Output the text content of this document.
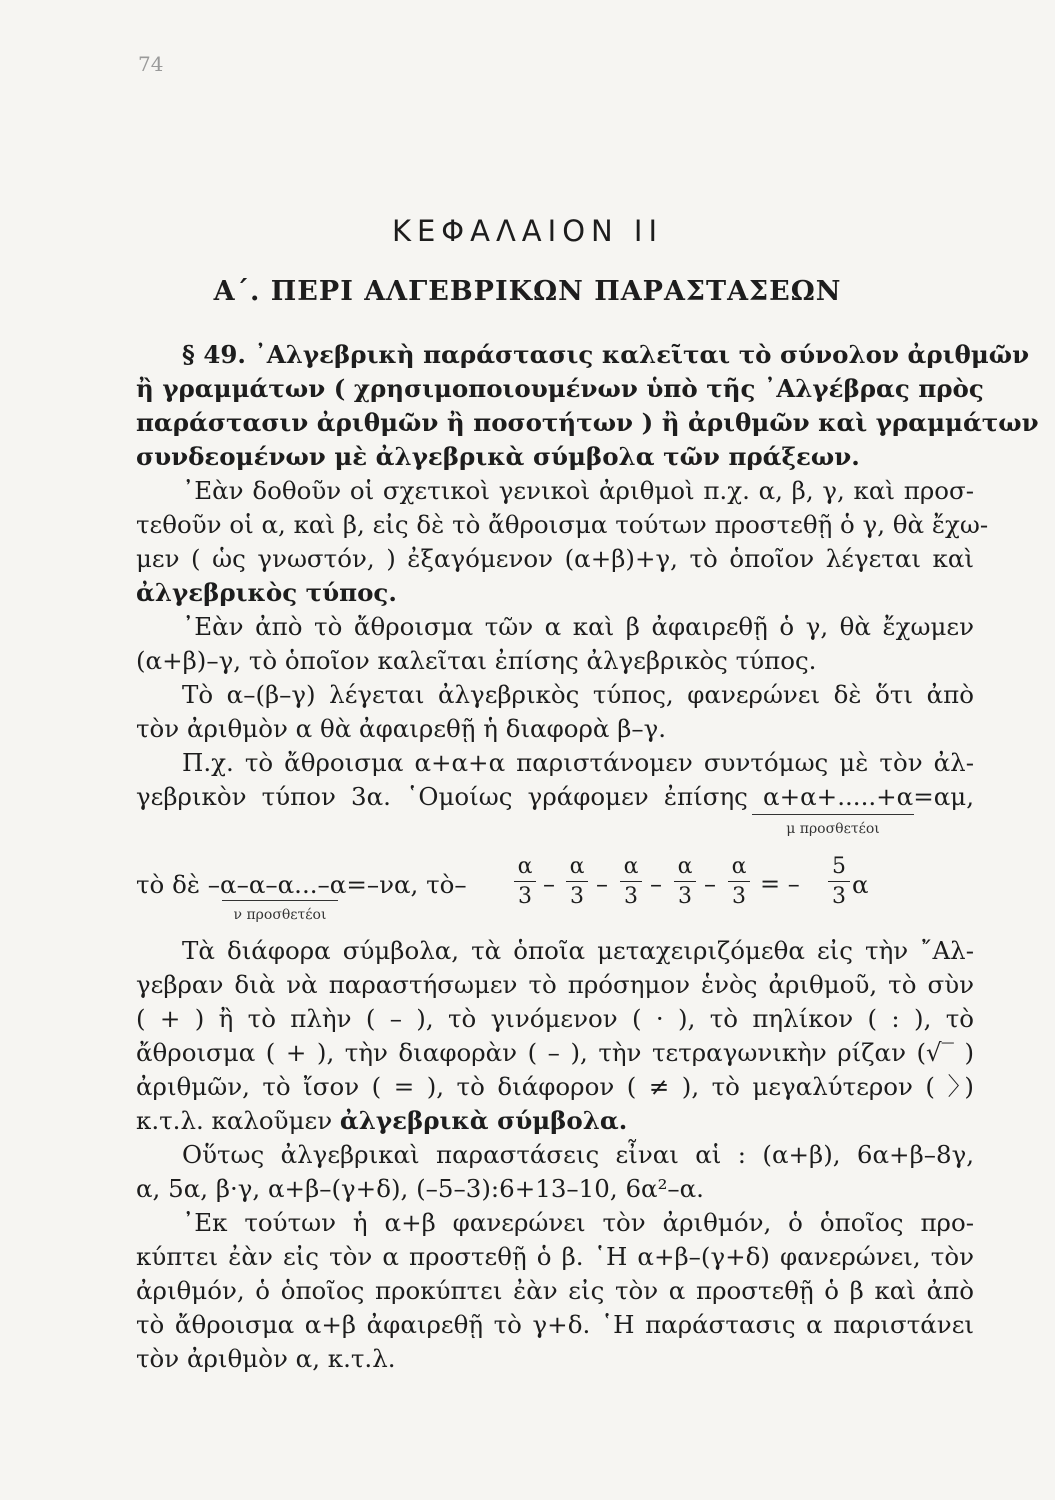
74
ΚΕΦΑΛΑΙΟΝ ΙΙ
Α΄. ΠΕΡΙ ΑΛΓΕΒΡΙΚΩΝ ΠΑΡΑΣΤΑΣΕΩΝ
§ 49. ᾿Αλγεβρικὴ παράστασις καλεῖται τὸ σύνολον ἀριθμῶν
ἢ γραμμάτων ( χρησιμοποιουμένων ὑπὸ τῆς ᾿Αλγέβρας πρὸς
παράστασιν ἀριθμῶν ἢ ποσοτήτων ) ἢ ἀριθμῶν καὶ γραμμάτων
συνδεομένων μὲ ἀλγεβρικὰ σύμβολα τῶν πράξεων.
᾿Εὰν δοθοῦν οἱ σχετικοὶ γενικοὶ ἀριθμοὶ π.χ. α, β, γ, καὶ προσ-
τεθοῦν οἱ α, καὶ β, εἰς δὲ τὸ ἄθροισμα τούτων προστεθῇ ὁ γ, θὰ ἔχω-
μεν ( ὡς γνωστόν, ) ἐξαγόμενον (α+β)+γ, τὸ ὁποῖον λέγεται καὶ
ἀλγεβρικὸς τύπος.
᾿Εὰν ἀπὸ τὸ ἄθροισμα τῶν α καὶ β ἀφαιρεθῇ ὁ γ, θὰ ἔχωμεν
(α+β)–γ, τὸ ὁποῖον καλεῖται ἐπίσης ἀλγεβρικὸς τύπος.
Τὸ α–(β–γ) λέγεται ἀλγεβρικὸς τύπος, φανερώνει δὲ ὅτι ἀπὸ
τὸν ἀριθμὸν α θὰ ἀφαιρεθῇ ἡ διαφορὰ β–γ.
Π.χ. τὸ ἄθροισμα α+α+α παριστάνομεν συντόμως μὲ τὸν ἀλ-
γεβρικὸν τύπον 3α. ῾Ομοίως γράφομεν ἐπίσης α+α+.....+α=αμ,
μ προσθετέοι
τὸ δὲ –α–α–α...–α=–να, τὸ– $\frac{\alpha}{3} - \frac{\alpha}{3} - \frac{\alpha}{3} - \frac{\alpha}{3} - \frac{\alpha}{3}$ = – $\frac{5}{3}$ α
ν προσθετέοι
Τὰ διάφορα σύμβολα, τὰ ὁποῖα μεταχειριζόμεθα εἰς τὴν ῎Αλ-
γεβραν διὰ νὰ παραστήσωμεν τὸ πρόσημον ἑνὸς ἀριθμοῦ, τὸ σὺν
( + ) ἢ τὸ πλὴν ( – ), τὸ γινόμενον ( · ), τὸ πηλίκον ( : ), τὸ
ἄθροισμα ( + ), τὴν διαφορὰν ( – ), τὴν τετραγωνικὴν ρίζαν (√‾ )
ἀριθμῶν, τὸ ἴσον ( = ), τὸ διάφορον ( ≠ ), τὸ μεγαλύτερον ( 〉)
κ.τ.λ. καλοῦμεν ἀλγεβρικὰ σύμβολα.
Οὕτως ἀλγεβρικαὶ παραστάσεις εἶναι αἱ : (α+β), 6α+β–8γ,
α, 5α, β·γ, α+β–(γ+δ), (–5–3):6+13–10, 6α²–α.
᾿Εκ τούτων ἡ α+β φανερώνει τὸν ἀριθμόν, ὁ ὁποῖος προ-
κύπτει ἐὰν εἰς τὸν α προστεθῇ ὁ β. ῾Η α+β–(γ+δ) φανερώνει, τὸν
ἀριθμόν, ὁ ὁποῖος προκύπτει ἐὰν εἰς τὸν α προστεθῇ ὁ β καὶ ἀπὸ
τὸ ἄθροισμα α+β ἀφαιρεθῇ τὸ γ+δ. ῾Η παράστασις α παριστάνει
τὸν ἀριθμὸν α, κ.τ.λ.
